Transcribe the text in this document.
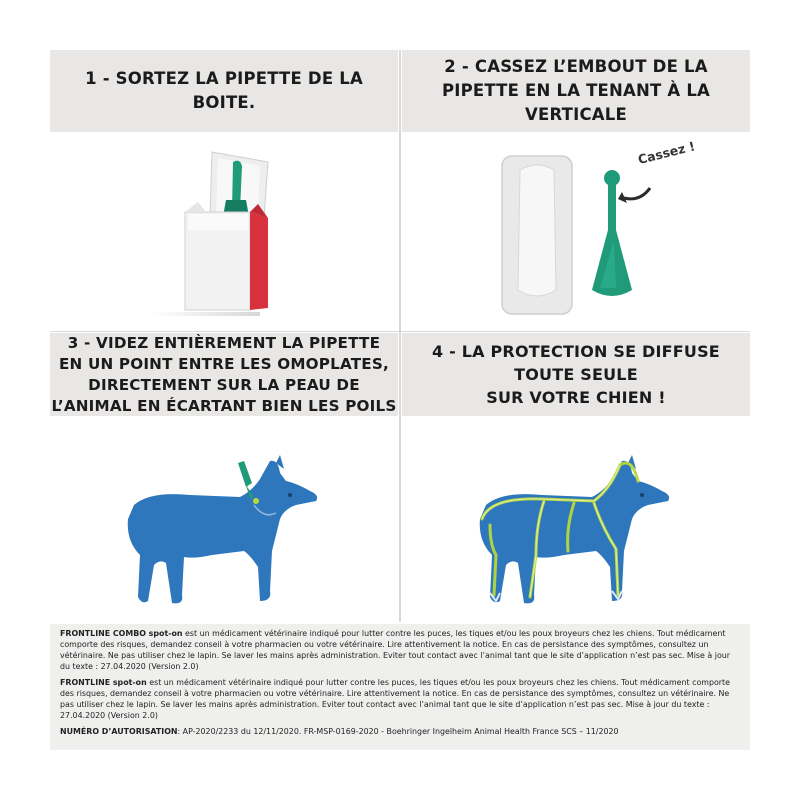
1 - SORTEZ LA PIPETTE DE LA
BOITE.
2 - CASSEZ L’EMBOUT DE LA
PIPETTE EN LA TENANT À LA
VERTICALE
3 - VIDEZ ENTIÈREMENT LA PIPETTE
EN UN POINT ENTRE LES OMOPLATES,
DIRECTEMENT SUR LA PEAU DE
L’ANIMAL EN ÉCARTANT BIEN LES POILS
4 - LA PROTECTION SE DIFFUSE
TOUTE SEULE
SUR VOTRE CHIEN !
Cassez !

FRONTLINE COMBO spot-on est un médicament vétérinaire indiqué pour lutter contre les puces, les tiques et/ou les poux broyeurs chez les chiens. Tout médicament comporte des risques, demandez conseil à votre pharmacien ou votre vétérinaire. Lire attentivement la notice. En cas de persistance des symptômes, consultez un vétérinaire. Ne pas utiliser chez le lapin. Se laver les mains après administration. Eviter tout contact avec l’animal tant que le site d’application n’est pas sec. Mise à jour du texte : 27.04.2020 (Version 2.0)

FRONTLINE spot-on est un médicament vétérinaire indiqué pour lutter contre les puces, les tiques et/ou les poux broyeurs chez les chiens. Tout médicament comporte des risques, demandez conseil à votre pharmacien ou votre vétérinaire. Lire attentivement la notice. En cas de persistance des symptômes, consultez un vétérinaire. Ne pas utiliser chez le lapin. Se laver les mains après administration. Eviter tout contact avec l’animal tant que le site d’application n’est pas sec. Mise à jour du texte : 27.04.2020 (Version 2.0)

NUMÉRO D’AUTORISATION: AP-2020/2233 du 12/11/2020. FR-MSP-0169-2020 - Boehringer Ingelheim Animal Health France SCS – 11/2020
